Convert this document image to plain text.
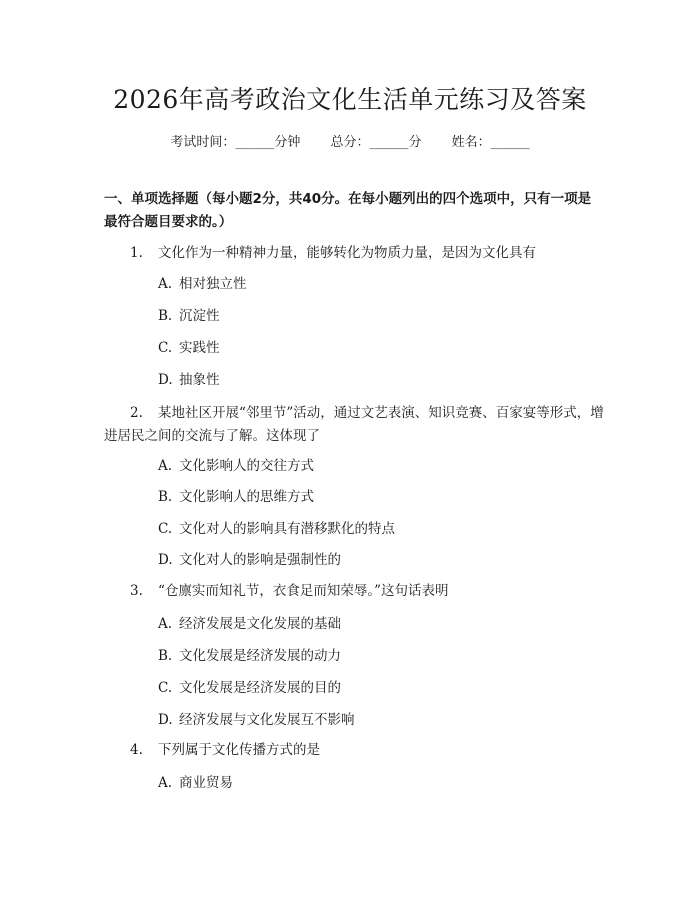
2026年高考政治文化生活单元练习及答案
考试时间：______分钟 总分：______分 姓名：______
一、单项选择题（每小题2分，共40分。在每小题列出的四个选项中，只有一项是最符合题目要求的。）
1. 文化作为一种精神力量，能够转化为物质力量，是因为文化具有
A. 相对独立性
B. 沉淀性
C. 实践性
D. 抽象性
2. 某地社区开展“邻里节”活动，通过文艺表演、知识竞赛、百家宴等形式，增进居民之间的交流与了解。这体现了
A. 文化影响人的交往方式
B. 文化影响人的思维方式
C. 文化对人的影响具有潜移默化的特点
D. 文化对人的影响是强制性的
3. “仓廪实而知礼节，衣食足而知荣辱。”这句话表明
A. 经济发展是文化发展的基础
B. 文化发展是经济发展的动力
C. 文化发展是经济发展的目的
D. 经济发展与文化发展互不影响
4. 下列属于文化传播方式的是
A. 商业贸易
